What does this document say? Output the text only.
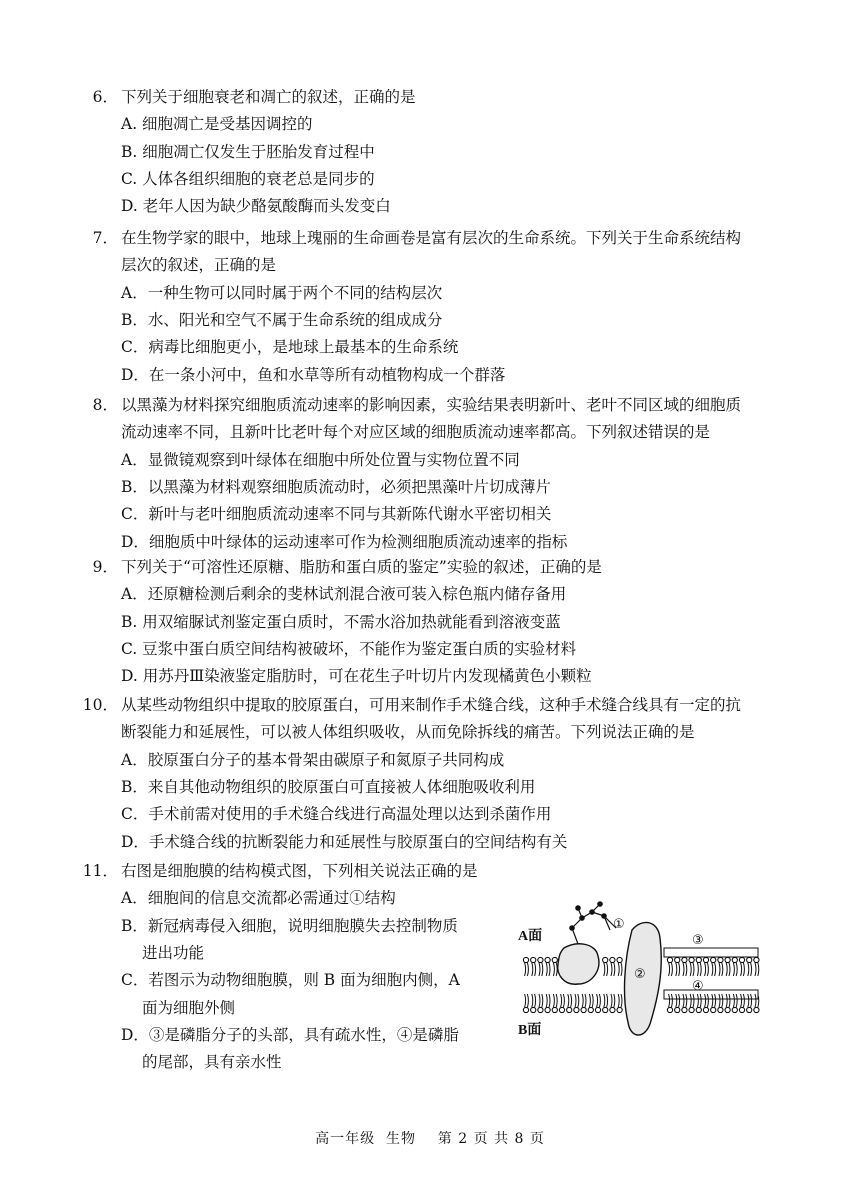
6． 下列关于细胞衰老和凋亡的叙述，正确的是
A. 细胞凋亡是受基因调控的
B. 细胞凋亡仅发生于胚胎发育过程中
C. 人体各组织细胞的衰老总是同步的
D. 老年人因为缺少酪氨酸酶而头发变白
7． 在生物学家的眼中，地球上瑰丽的生命画卷是富有层次的生命系统。下列关于生命系统结构
层次的叙述，正确的是
A．一种生物可以同时属于两个不同的结构层次
B．水、阳光和空气不属于生命系统的组成成分
C．病毒比细胞更小，是地球上最基本的生命系统
D．在一条小河中，鱼和水草等所有动植物构成一个群落
8． 以黑藻为材料探究细胞质流动速率的影响因素，实验结果表明新叶、老叶不同区域的细胞质
流动速率不同，且新叶比老叶每个对应区域的细胞质流动速率都高。下列叙述错误的是
A．显微镜观察到叶绿体在细胞中所处位置与实物位置不同
B．以黑藻为材料观察细胞质流动时，必须把黑藻叶片切成薄片
C．新叶与老叶细胞质流动速率不同与其新陈代谢水平密切相关
D．细胞质中叶绿体的运动速率可作为检测细胞质流动速率的指标
9． 下列关于“可溶性还原糖、脂肪和蛋白质的鉴定”实验的叙述，正确的是
A．还原糖检测后剩余的斐林试剂混合液可装入棕色瓶内储存备用
B. 用双缩脲试剂鉴定蛋白质时，不需水浴加热就能看到溶液变蓝
C. 豆浆中蛋白质空间结构被破坏，不能作为鉴定蛋白质的实验材料
D. 用苏丹Ⅲ染液鉴定脂肪时，可在花生子叶切片内发现橘黄色小颗粒
10． 从某些动物组织中提取的胶原蛋白，可用来制作手术缝合线，这种手术缝合线具有一定的抗
断裂能力和延展性，可以被人体组织吸收，从而免除拆线的痛苦。下列说法正确的是
A．胶原蛋白分子的基本骨架由碳原子和氮原子共同构成
B．来自其他动物组织的胶原蛋白可直接被人体细胞吸收利用
C．手术前需对使用的手术缝合线进行高温处理以达到杀菌作用
D．手术缝合线的抗断裂能力和延展性与胶原蛋白的空间结构有关
11． 右图是细胞膜的结构模式图，下列相关说法正确的是
A．细胞间的信息交流都必需通过①结构
B．新冠病毒侵入细胞，说明细胞膜失去控制物质
进出功能
C．若图示为动物细胞膜，则 B 面为细胞内侧，A
面为细胞外侧
D．③是磷脂分子的头部，具有疏水性，④是磷脂
的尾部，具有亲水性
A面
B面
①
②
③
④
高一年级  生物    第 2 页 共 8 页
